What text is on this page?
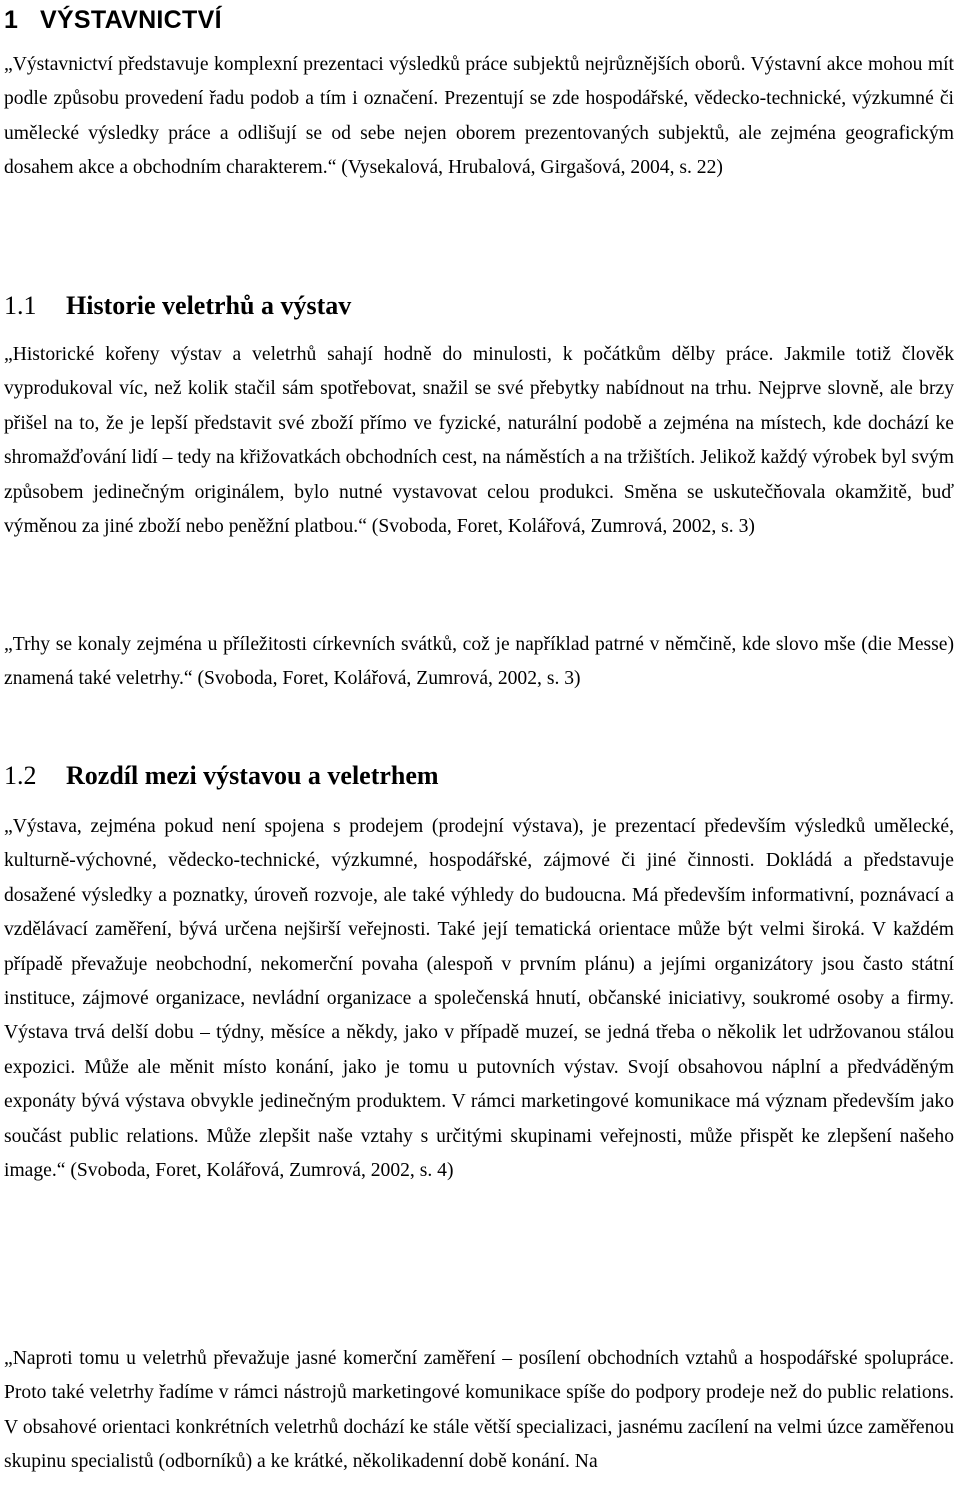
1 VÝSTAVNICTVÍ

„Výstavnictví představuje komplexní prezentaci výsledků práce subjektů nejrůznějších oborů. Výstavní akce mohou mít podle způsobu provedení řadu podob a tím i označení. Prezentují se zde hospodářské, vědecko-technické, výzkumné či umělecké výsledky práce a odlišují se od sebe nejen oborem prezentovaných subjektů, ale zejména geografickým dosahem akce a obchodním charakterem.“ (Vysekalová, Hrubalová, Girgašová, 2004, s. 22)

1.1 Historie veletrhů a výstav

„Historické kořeny výstav a veletrhů sahají hodně do minulosti, k počátkům dělby práce. Jakmile totiž člověk vyprodukoval víc, než kolik stačil sám spotřebovat, snažil se své přebytky nabídnout na trhu. Nejprve slovně, ale brzy přišel na to, že je lepší představit své zboží přímo ve fyzické, naturální podobě a zejména na místech, kde dochází ke shromažďování lidí – tedy na křižovatkách obchodních cest, na náměstích a na tržištích. Jelikož každý výrobek byl svým způsobem jedinečným originálem, bylo nutné vystavovat celou produkci. Směna se uskutečňovala okamžitě, buď výměnou za jiné zboží nebo peněžní platbou.“ (Svoboda, Foret, Kolářová, Zumrová, 2002, s. 3)

„Trhy se konaly zejména u příležitosti církevních svátků, což je například patrné v němčině, kde slovo mše (die Messe) znamená také veletrhy.“ (Svoboda, Foret, Kolářová, Zumrová, 2002, s. 3)

1.2 Rozdíl mezi výstavou a veletrhem

„Výstava, zejména pokud není spojena s prodejem (prodejní výstava), je prezentací především výsledků umělecké, kulturně-výchovné, vědecko-technické, výzkumné, hospodářské, zájmové či jiné činnosti. Dokládá a představuje dosažené výsledky a poznatky, úroveň rozvoje, ale také výhledy do budoucna. Má především informativní, poznávací a vzdělávací zaměření, bývá určena nejširší veřejnosti. Také její tematická orientace může být velmi široká. V každém případě převažuje neobchodní, nekomerční povaha (alespoň v prvním plánu) a jejími organizátory jsou často státní instituce, zájmové organizace, nevládní organizace a společenská hnutí, občanské iniciativy, soukromé osoby a firmy. Výstava trvá delší dobu – týdny, měsíce a někdy, jako v případě muzeí, se jedná třeba o několik let udržovanou stálou expozici. Může ale měnit místo konání, jako je tomu u putovních výstav. Svojí obsahovou náplní a předváděným exponáty bývá výstava obvykle jedinečným produktem. V rámci marketingové komunikace má význam především jako součást public relations. Může zlepšit naše vztahy s určitými skupinami veřejnosti, může přispět ke zlepšení našeho image.“ (Svoboda, Foret, Kolářová, Zumrová, 2002, s. 4)

„Naproti tomu u veletrhů převažuje jasné komerční zaměření – posílení obchodních vztahů a hospodářské spolupráce. Proto také veletrhy řadíme v rámci nástrojů marketingové komunikace spíše do podpory prodeje než do public relations. V obsahové orientaci konkrétních veletrhů dochází ke stále větší specializaci, jasnému zacílení na velmi úzce zaměřenou skupinu specialistů (odborníků) a ke krátké, několikadenní době konání. Na
